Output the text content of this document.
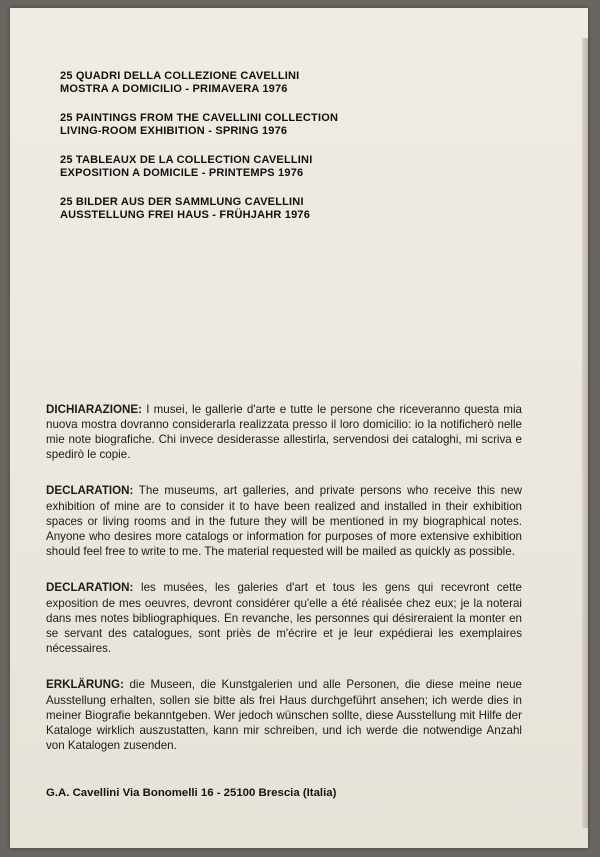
25 QUADRI DELLA COLLEZIONE CAVELLINI
MOSTRA A DOMICILIO - PRIMAVERA 1976
25 PAINTINGS FROM THE CAVELLINI COLLECTION
LIVING-ROOM EXHIBITION - SPRING 1976
25 TABLEAUX DE LA COLLECTION CAVELLINI
EXPOSITION A DOMICILE - PRINTEMPS 1976
25 BILDER AUS DER SAMMLUNG CAVELLINI
AUSSTELLUNG FREI HAUS - FRÜHJAHR 1976

DICHIARAZIONE: I musei, le gallerie d'arte e tutte le persone che riceveranno questa mia nuova mostra dovranno considerarla realizzata presso il loro domicilio: io la notificherò nelle mie note biografiche. Chi invece desiderasse allestirla, servendosi dei cataloghi, mi scriva e spedirò le copie.

DECLARATION: The museums, art galleries, and private persons who receive this new exhibition of mine are to consider it to have been realized and installed in their exhibition spaces or living rooms and in the future they will be mentioned in my biographical notes. Anyone who desires more catalogs or information for purposes of more extensive exhibition should feel free to write to me. The material requested will be mailed as quickly as possible.

DECLARATION: les musées, les galeries d'art et tous les gens qui recevront cette exposition de mes oeuvres, devront considérer qu'elle a été réalisée chez eux; je la noterai dans mes notes bibliographiques. En revanche, les personnes qui désireraient la monter en se servant des catalogues, sont priès de m'écrire et je leur expédierai les exemplaires nécessaires.

ERKLÄRUNG: die Museen, die Kunstgalerien und alle Personen, die diese meine neue Ausstellung erhalten, sollen sie bitte als frei Haus durchgeführt ansehen; ich werde dies in meiner Biografie bekanntgeben. Wer jedoch wünschen sollte, diese Ausstellung mit Hilfe der Kataloge wirklich auszustatten, kann mir schreiben, und ich werde die notwendige Anzahl von Katalogen zusenden.

G.A. Cavellini Via Bonomelli 16 - 25100 Brescia (Italia)
